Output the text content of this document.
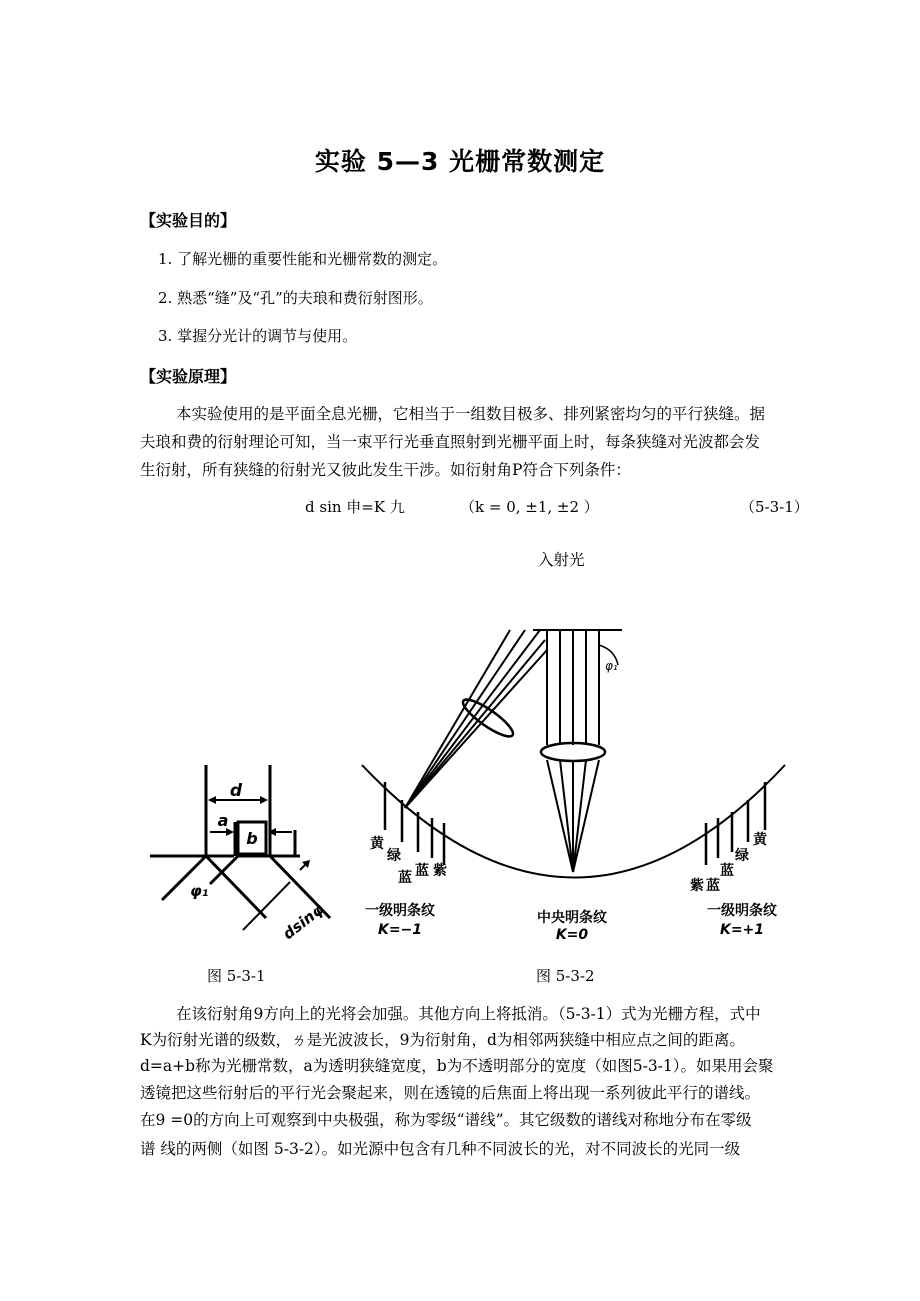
实验 5—3 光栅常数测定
【实验目的】
1. 了解光栅的重要性能和光栅常数的测定。
2. 熟悉“缝”及“孔”的夫琅和费衍射图形。
3. 掌握分光计的调节与使用。
【实验原理】
本实验使用的是平面全息光栅，它相当于一组数目极多、排列紧密均匀的平行狭缝。据
夫琅和费的衍射理论可知，当一束平行光垂直照射到光栅平面上时，每条狭缝对光波都会发
生衍射，所有狭缝的衍射光又彼此发生干涉。如衍射角P符合下列条件：
d sin 申=K 九	（k = 0, ±1, ±2 ）	（5-3-1）
d
a
b
φ₁
dsinφ
入射光
φ₁
黄
绿
蓝 蓝 紫
黄
绿
蓝
蓝
紫
一级明条纹	中央明条纹	一级明条纹
K=−1	K=0	K=+1
图 5-3-1	图 5-3-2
在该衍射角9方向上的光将会加强。其他方向上将抵消。（5-3-1）式为光栅方程，式中
K为衍射光谱的级数，ㄌ是光波波长，9为衍射角，d为相邻两狭缝中相应点之间的距离。
d=a+b称为光栅常数，a为透明狭缝宽度，b为不透明部分的宽度（如图5-3-1）。如果用会聚
透镜把这些衍射后的平行光会聚起来，则在透镜的后焦面上将出现一系列彼此平行的谱线。
在9 =0的方向上可观察到中央极强，称为零级“谱线”。其它级数的谱线对称地分布在零级
谱 线的两侧（如图 5-3-2）。如光源中包含有几种不同波长的光，对不同波长的光同一级
